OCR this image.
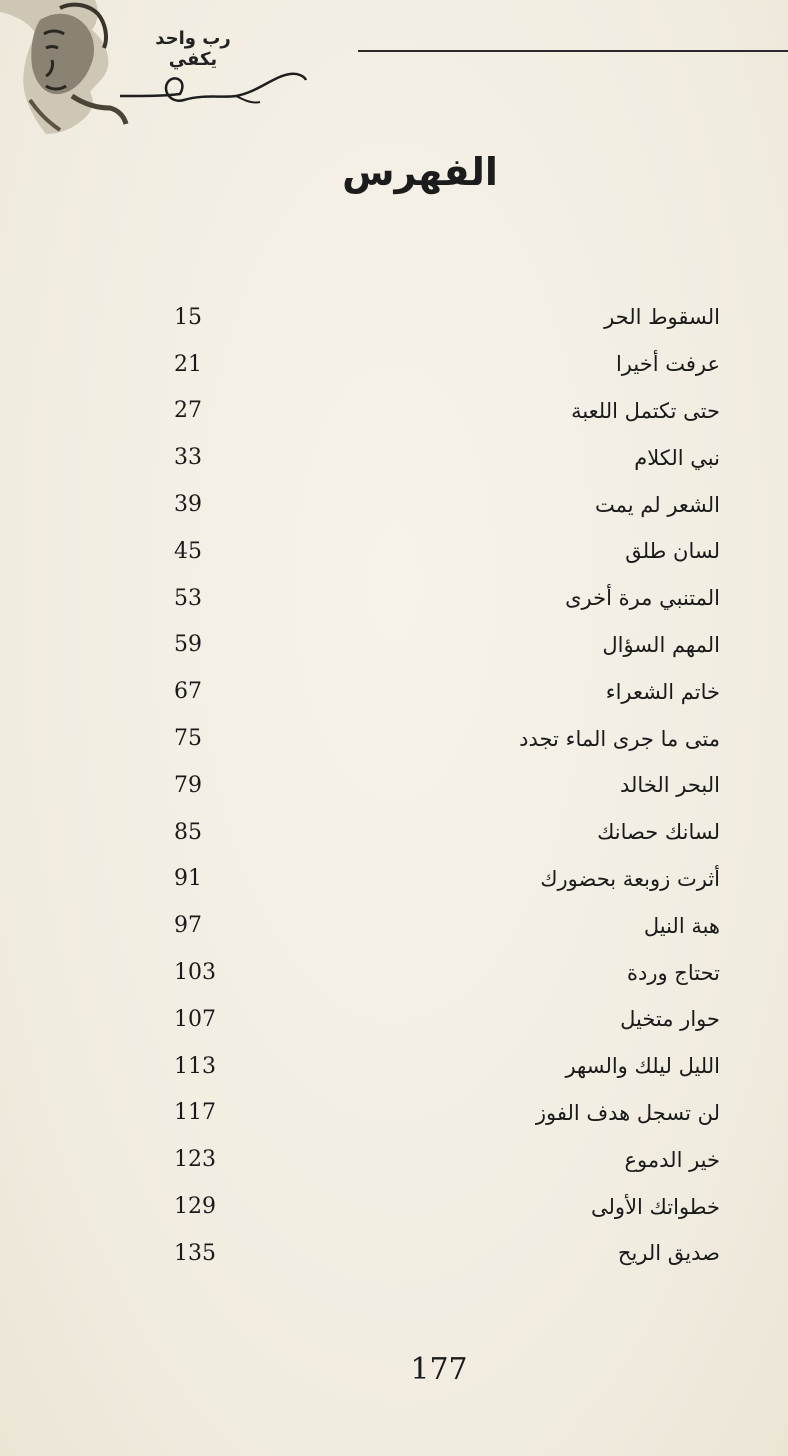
رب واحد يكفي
الفهرس
السقوط الحر
15
عرفت أخيرا
21
حتى تكتمل اللعبة
27
نبي الكلام
33
الشعر لم يمت
39
لسان طلق
45
المتنبي مرة أخرى
53
المهم السؤال
59
خاتم الشعراء
67
متى ما جرى الماء تجدد
75
البحر الخالد
79
لسانك حصانك
85
أثرت زوبعة بحضورك
91
هبة النيل
97
تحتاج وردة
103
حوار متخيل
107
الليل ليلك والسهر
113
لن تسجل هدف الفوز
117
خير الدموع
123
خطواتك الأولى
129
صديق الريح
135
177
